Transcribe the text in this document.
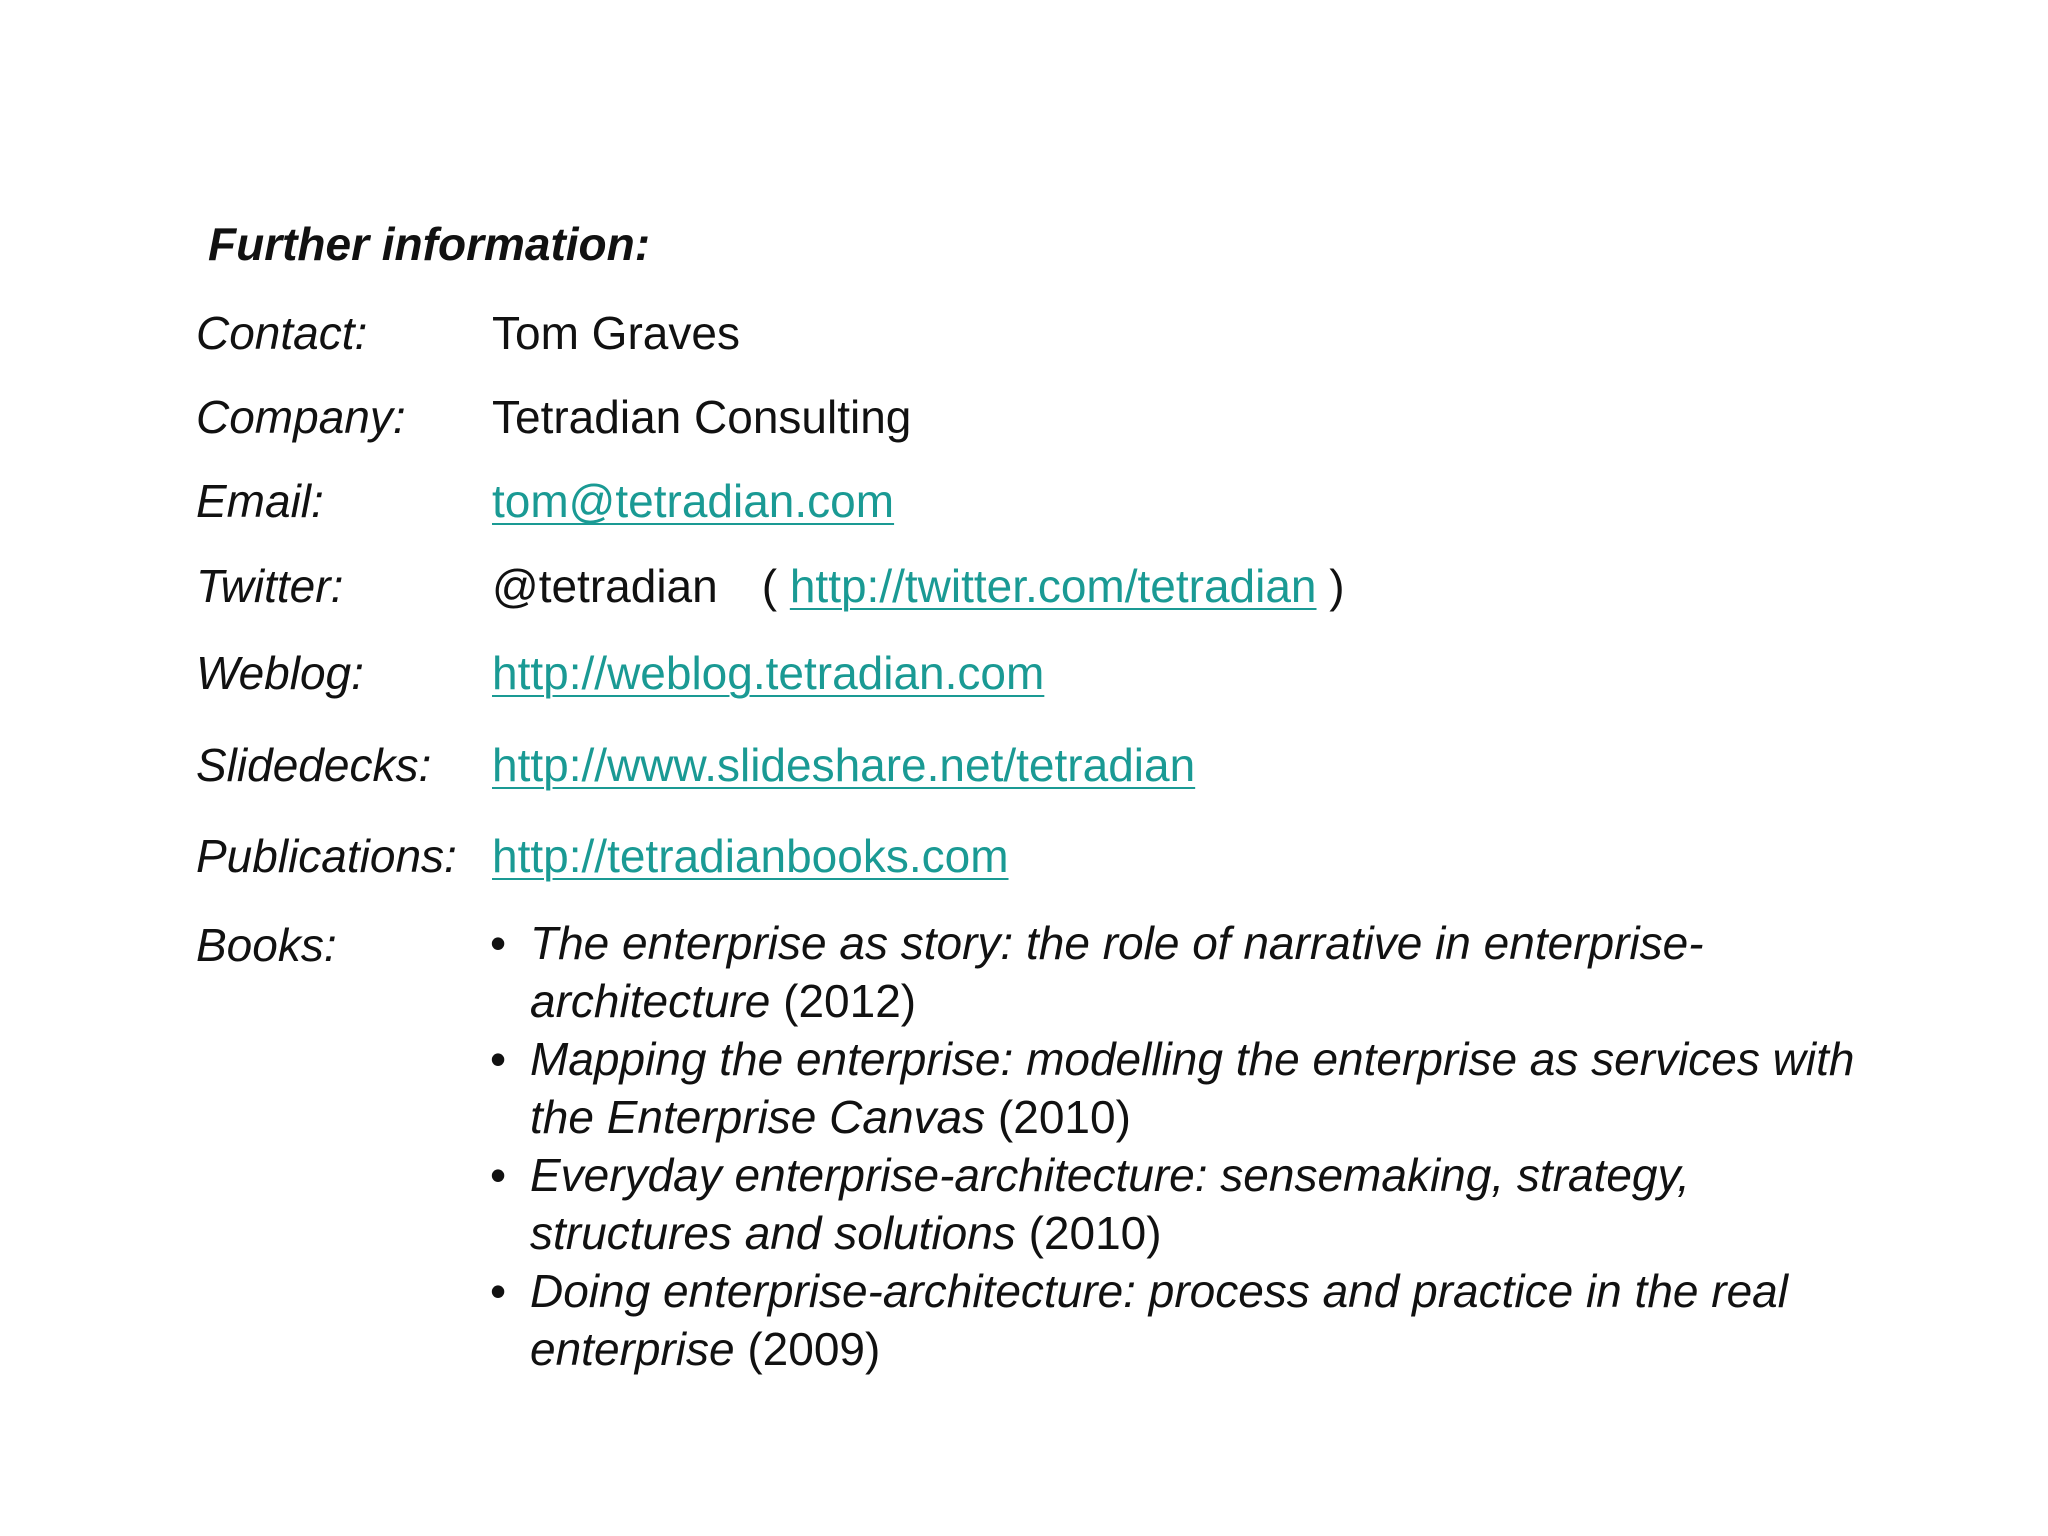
Further information:
Contact:	Tom Graves
Company: Tetradian Consulting
Email:	tom@tetradian.com
Twitter:	@tetradian ( http://twitter.com/tetradian )
Weblog:	http://weblog.tetradian.com
Slidedecks: http://www.slideshare.net/tetradian
Publications: http://tetradianbooks.com
Books:	• The enterprise as story: the role of narrative in enterprise-architecture (2012)
• Mapping the enterprise: modelling the enterprise as services with the Enterprise Canvas (2010)
• Everyday enterprise-architecture: sensemaking, strategy, structures and solutions (2010)
• Doing enterprise-architecture: process and practice in the real enterprise (2009)
